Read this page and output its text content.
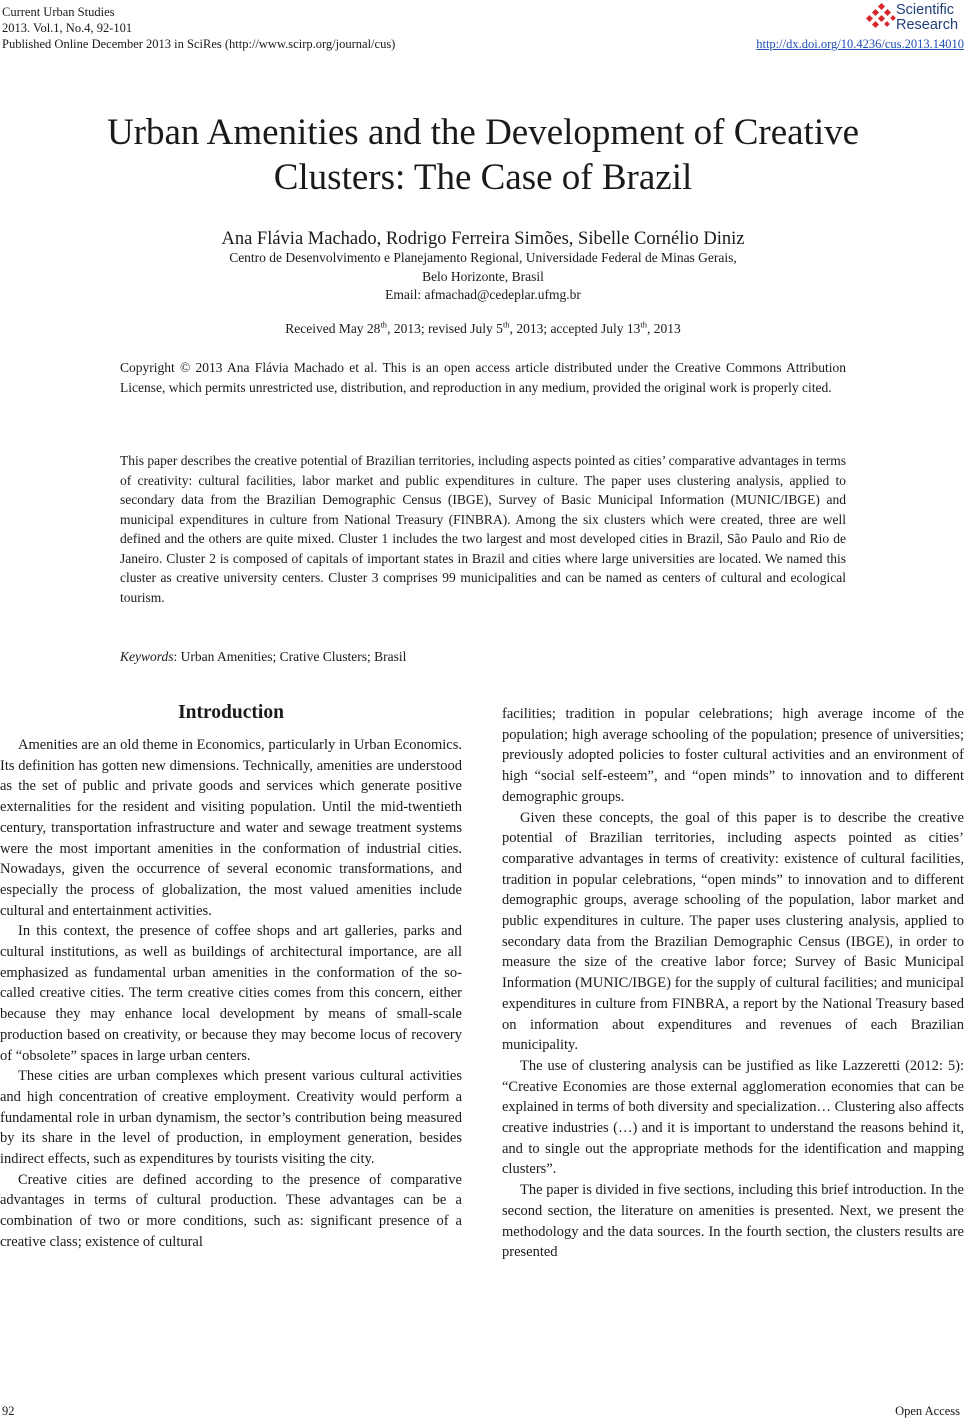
Current Urban Studies
2013. Vol.1, No.4, 92-101
Published Online December 2013 in SciRes (http://www.scirp.org/journal/cus)	http://dx.doi.org/10.4236/cus.2013.14010
Scientific
Research
Urban Amenities and the Development of Creative
Clusters: The Case of Brazil
Ana Flávia Machado, Rodrigo Ferreira Simões, Sibelle Cornélio Diniz
Centro de Desenvolvimento e Planejamento Regional, Universidade Federal de Minas Gerais,
Belo Horizonte, Brasil
Email: afmachad@cedeplar.ufmg.br
Received May 28th, 2013; revised July 5th, 2013; accepted July 13th, 2013
Copyright © 2013 Ana Flávia Machado et al. This is an open access article distributed under the Creative Commons Attribution License, which permits unrestricted use, distribution, and reproduction in any medium, provided the original work is properly cited.
This paper describes the creative potential of Brazilian territories, including aspects pointed as cities’ comparative advantages in terms of creativity: cultural facilities, labor market and public expenditures in culture. The paper uses clustering analysis, applied to secondary data from the Brazilian Demographic Census (IBGE), Survey of Basic Municipal Information (MUNIC/IBGE) and municipal expenditures in culture from National Treasury (FINBRA). Among the six clusters which were created, three are well defined and the others are quite mixed. Cluster 1 includes the two largest and most developed cities in Brazil, São Paulo and Rio de Janeiro. Cluster 2 is composed of capitals of important states in Brazil and cities where large universities are located. We named this cluster as creative university centers. Cluster 3 comprises 99 municipalities and can be named as centers of cultural and ecological tourism.
Keywords: Urban Amenities; Crative Clusters; Brasil
Introduction

Amenities are an old theme in Economics, particularly in Urban Economics. Its definition has gotten new dimensions. Technically, amenities are understood as the set of public and private goods and services which generate positive externalities for the resident and visiting population. Until the mid-twentieth century, transportation infrastructure and water and sewage treatment systems were the most important amenities in the conformation of industrial cities. Nowadays, given the occurrence of several economic transformations, and especially the process of globalization, the most valued amenities include cultural and entertainment activities.

In this context, the presence of coffee shops and art galleries, parks and cultural institutions, as well as buildings of architectural importance, are all emphasized as fundamental urban amenities in the conformation of the so-called creative cities. The term creative cities comes from this concern, either because they may enhance local development by means of small-scale production based on creativity, or because they may become locus of recovery of “obsolete” spaces in large urban centers.

These cities are urban complexes which present various cultural activities and high concentration of creative employment. Creativity would perform a fundamental role in urban dynamism, the sector’s contribution being measured by its share in the level of production, in employment generation, besides indirect effects, such as expenditures by tourists visiting the city.

Creative cities are defined according to the presence of comparative advantages in terms of cultural production. These advantages can be a combination of two or more conditions, such as: significant presence of a creative class; existence of cultural

facilities; tradition in popular celebrations; high average income of the population; high average schooling of the population; presence of universities; previously adopted policies to foster cultural activities and an environment of high “social self-esteem”, and “open minds” to innovation and to different demographic groups.

Given these concepts, the goal of this paper is to describe the creative potential of Brazilian territories, including aspects pointed as cities’ comparative advantages in terms of creativity: existence of cultural facilities, tradition in popular celebrations, “open minds” to innovation and to different demographic groups, average schooling of the population, labor market and public expenditures in culture. The paper uses clustering analysis, applied to secondary data from the Brazilian Demographic Census (IBGE), in order to measure the size of the creative labor force; Survey of Basic Municipal Information (MUNIC/IBGE) for the supply of cultural facilities; and municipal expenditures in culture from FINBRA, a report by the National Treasury based on information about expenditures and revenues of each Brazilian municipality.

The use of clustering analysis can be justified as like Lazzeretti (2012: 5): “Creative Economies are those external agglomeration economies that can be explained in terms of both diversity and specialization… Clustering also affects creative industries (…) and it is important to understand the reasons behind it, and to single out the appropriate methods for the identification and mapping clusters”.

The paper is divided in five sections, including this brief introduction. In the second section, the literature on amenities is presented. Next, we present the methodology and the data sources. In the fourth section, the clusters results are presented

92	Open Access
